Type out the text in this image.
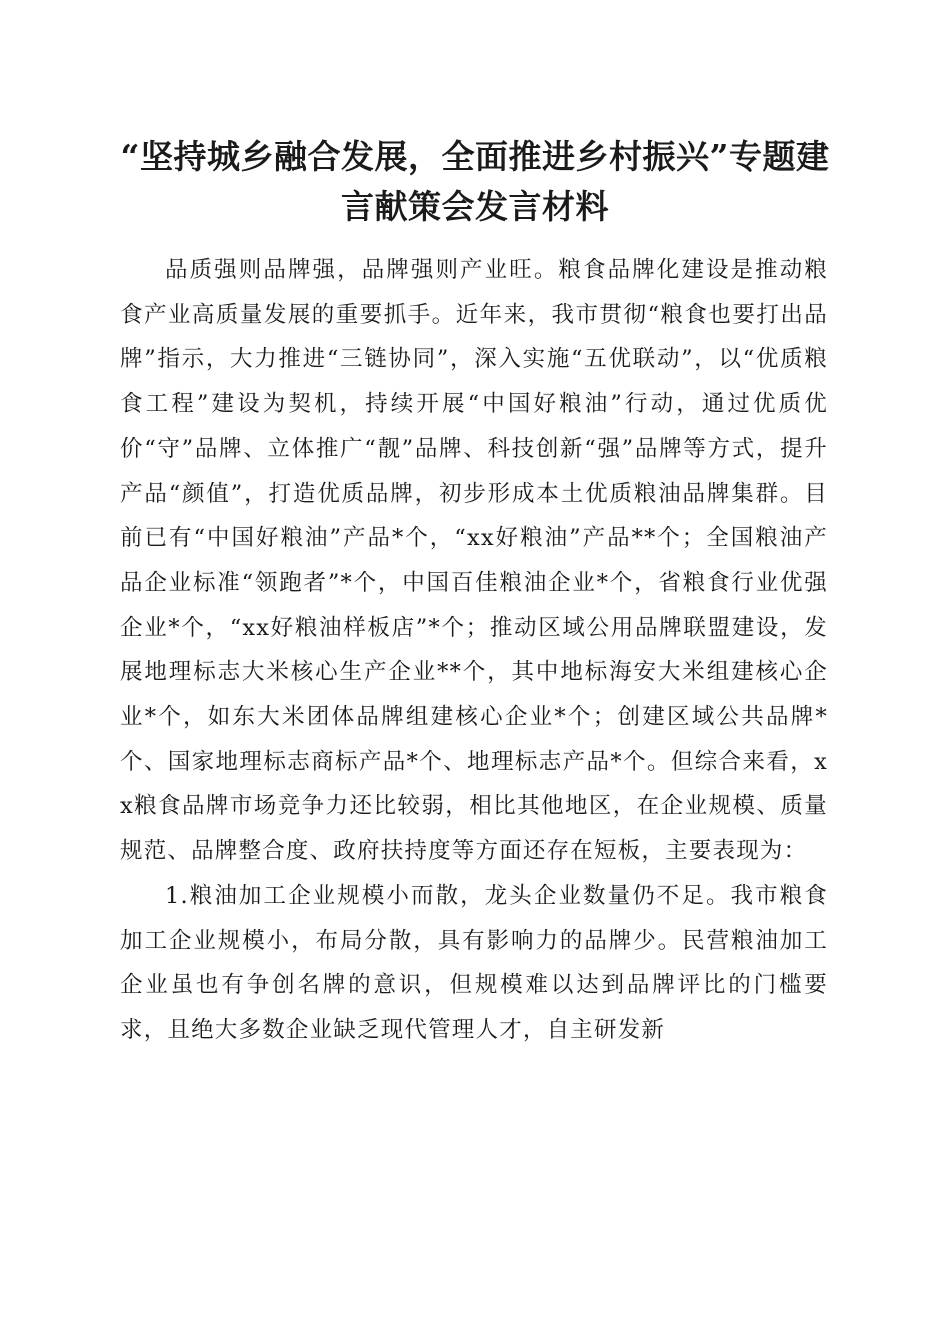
“坚持城乡融合发展，全面推进乡村振兴”专题建言献策会发言材料

品质强则品牌强，品牌强则产业旺。粮食品牌化建设是推动粮食产业高质量发展的重要抓手。近年来，我市贯彻“粮食也要打出品牌”指示，大力推进“三链协同”，深入实施“五优联动”，以“优质粮食工程”建设为契机，持续开展“中国好粮油”行动，通过优质优价“守”品牌、立体推广“靓”品牌、科技创新“强”品牌等方式，提升产品“颜值”，打造优质品牌，初步形成本土优质粮油品牌集群。目前已有“中国好粮油”产品*个，“xx好粮油”产品**个；全国粮油产品企业标准“领跑者”*个，中国百佳粮油企业*个，省粮食行业优强企业*个，“xx好粮油样板店”*个；推动区域公用品牌联盟建设，发展地理标志大米核心生产企业**个，其中地标海安大米组建核心企业*个，如东大米团体品牌组建核心企业*个；创建区域公共品牌*个、国家地理标志商标产品*个、地理标志产品*个。但综合来看，xx粮食品牌市场竞争力还比较弱，相比其他地区，在企业规模、质量规范、品牌整合度、政府扶持度等方面还存在短板，主要表现为：

1.粮油加工企业规模小而散，龙头企业数量仍不足。我市粮食加工企业规模小，布局分散，具有影响力的品牌少。民营粮油加工企业虽也有争创名牌的意识，但规模难以达到品牌评比的门槛要求，且绝大多数企业缺乏现代管理人才，自主研发新
